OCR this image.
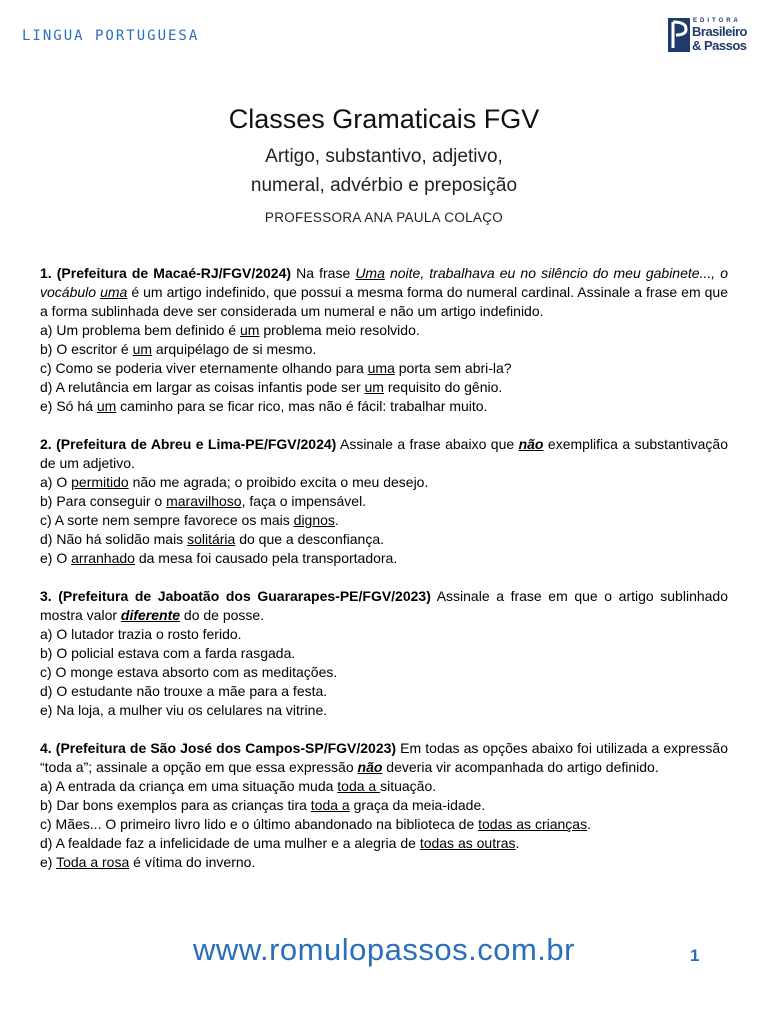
LINGUA PORTUGUESA
EDITORA
Brasileiro
& Passos
Classes Gramaticais FGV
Artigo, substantivo, adjetivo,
numeral, advérbio e preposição
PROFESSORA ANA PAULA COLAÇO

1. (Prefeitura de Macaé-RJ/FGV/2024) Na frase Uma noite, trabalhava eu no silêncio do meu gabinete..., o vocábulo uma é um artigo indefinido, que possui a mesma forma do numeral cardinal. Assinale a frase em que a forma sublinhada deve ser considerada um numeral e não um artigo indefinido.

a) Um problema bem definido é um problema meio resolvido.

b) O escritor é um arquipélago de si mesmo.

c) Como se poderia viver eternamente olhando para uma porta sem abri-la?

d) A relutância em largar as coisas infantis pode ser um requisito do gênio.

e) Só há um caminho para se ficar rico, mas não é fácil: trabalhar muito.

2. (Prefeitura de Abreu e Lima-PE/FGV/2024) Assinale a frase abaixo que não exemplifica a substantivação de um adjetivo.

a) O permitido não me agrada; o proibido excita o meu desejo.

b) Para conseguir o maravilhoso, faça o impensável.

c) A sorte nem sempre favorece os mais dignos.

d) Não há solidão mais solitária do que a desconfiança.

e) O arranhado da mesa foi causado pela transportadora.

3. (Prefeitura de Jaboatão dos Guararapes-PE/FGV/2023) Assinale a frase em que o artigo sublinhado mostra valor diferente do de posse.

a) O lutador trazia o rosto ferido.

b) O policial estava com a farda rasgada.

c) O monge estava absorto com as meditações.

d) O estudante não trouxe a mãe para a festa.

e) Na loja, a mulher viu os celulares na vitrine.

4. (Prefeitura de São José dos Campos-SP/FGV/2023) Em todas as opções abaixo foi utilizada a expressão “toda a”; assinale a opção em que essa expressão não deveria vir acompanhada do artigo definido.

a) A entrada da criança em uma situação muda toda a situação.

b) Dar bons exemplos para as crianças tira toda a graça da meia-idade.

c) Mães... O primeiro livro lido e o último abandonado na biblioteca de todas as crianças.

d) A fealdade faz a infelicidade de uma mulher e a alegria de todas as outras.

e) Toda a rosa é vítima do inverno.

www.romulopassos.com.br	1
